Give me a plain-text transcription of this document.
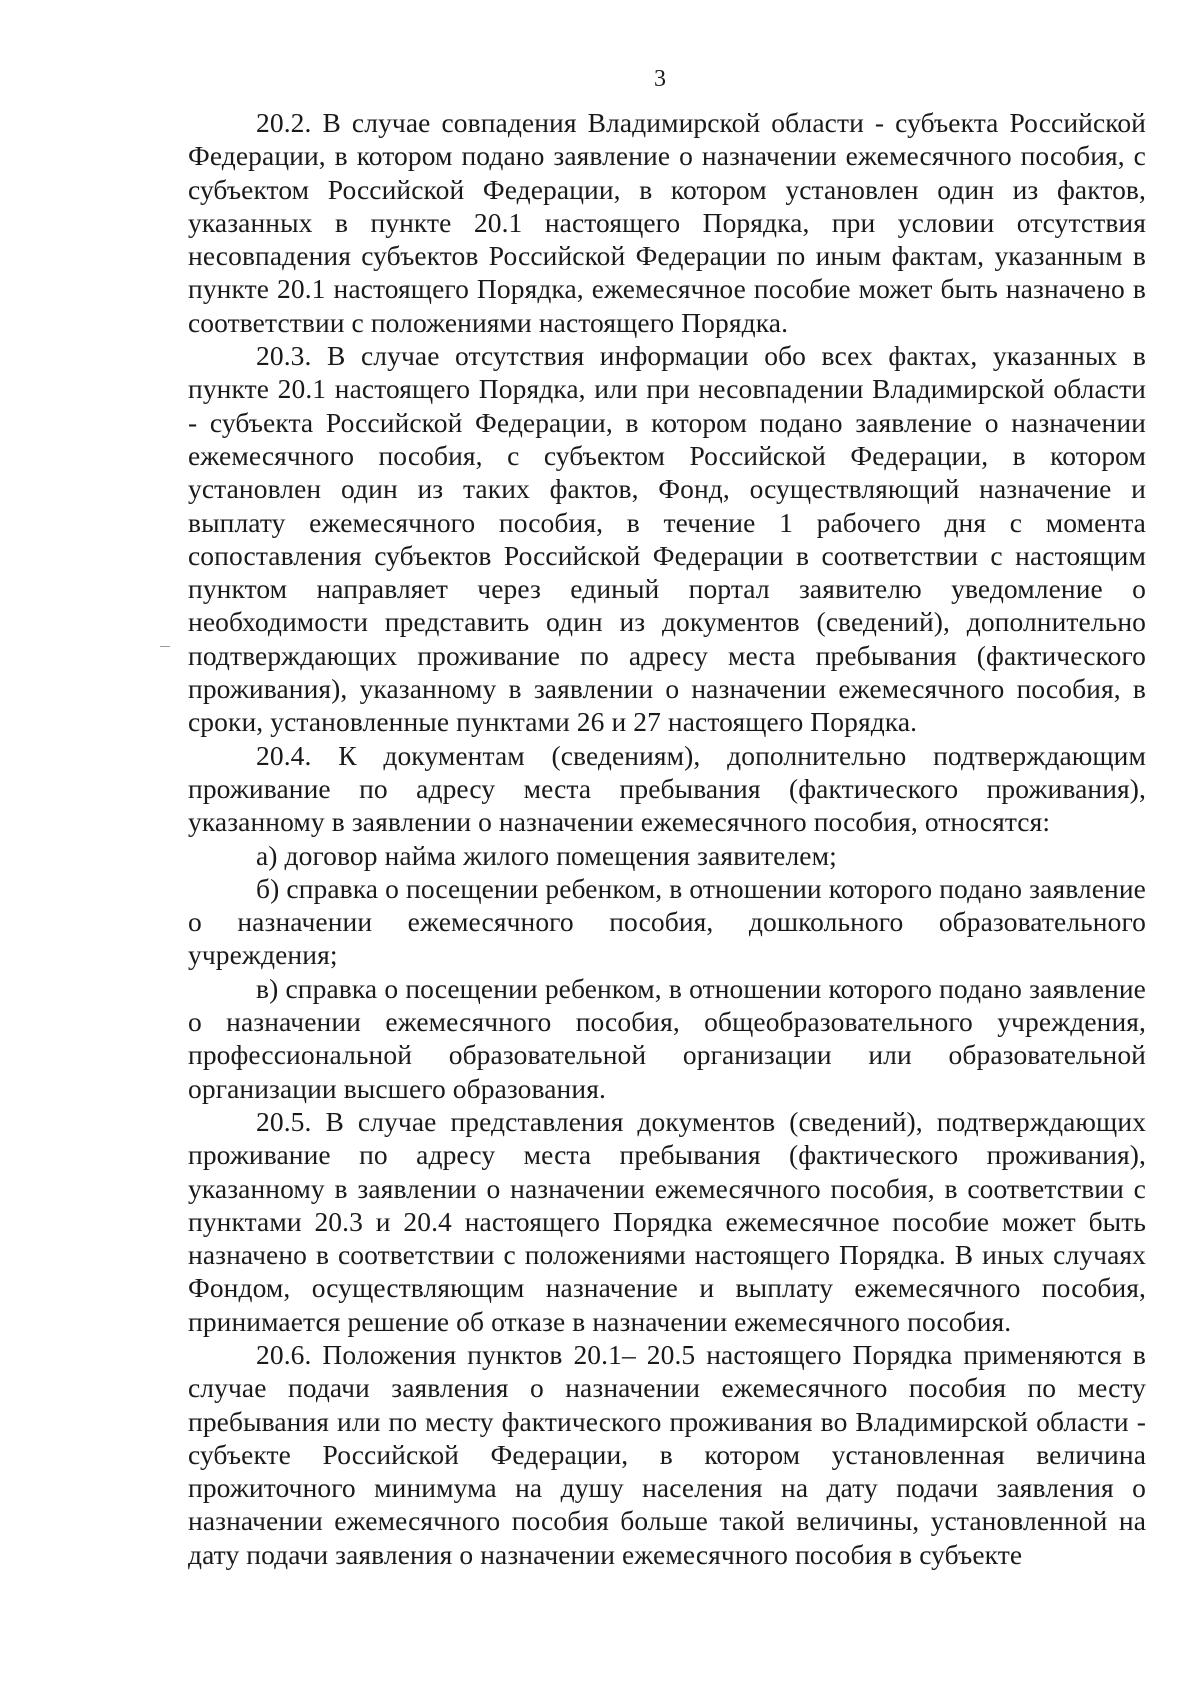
3

20.2. В случае совпадения Владимирской области - субъекта Российской Федерации, в котором подано заявление о назначении ежемесячного пособия, с субъектом Российской Федерации, в котором установлен один из фактов, указанных в пункте 20.1 настоящего Порядка, при условии отсутствия несовпадения субъектов Российской Федерации по иным фактам, указанным в пункте 20.1 настоящего Порядка, ежемесячное пособие может быть назначено в соответствии с положениями настоящего Порядка.

20.3. В случае отсутствия информации обо всех фактах, указанных в пункте 20.1 настоящего Порядка, или при несовпадении Владимирской области - субъекта Российской Федерации, в котором подано заявление о назначении ежемесячного пособия, с субъектом Российской Федерации, в котором установлен один из таких фактов, Фонд, осуществляющий назначение и выплату ежемесячного пособия, в течение 1 рабочего дня с момента сопоставления субъектов Российской Федерации в соответствии с настоящим пунктом направляет через единый портал заявителю уведомление о необходимости представить один из документов (сведений), дополнительно подтверждающих проживание по адресу места пребывания (фактического проживания), указанному в заявлении о назначении ежемесячного пособия, в сроки, установленные пунктами 26 и 27 настоящего Порядка.

20.4. К документам (сведениям), дополнительно подтверждающим проживание по адресу места пребывания (фактического проживания), указанному в заявлении о назначении ежемесячного пособия, относятся:

а) договор найма жилого помещения заявителем;

б) справка о посещении ребенком, в отношении которого подано заявление о назначении ежемесячного пособия, дошкольного образовательного учреждения;

в) справка о посещении ребенком, в отношении которого подано заявление о назначении ежемесячного пособия, общеобразовательного учреждения, профессиональной образовательной организации или образовательной организации высшего образования.

20.5. В случае представления документов (сведений), подтверждающих проживание по адресу места пребывания (фактического проживания), указанному в заявлении о назначении ежемесячного пособия, в соответствии с пунктами 20.3 и 20.4 настоящего Порядка ежемесячное пособие может быть назначено в соответствии с положениями настоящего Порядка. В иных случаях Фондом, осуществляющим назначение и выплату ежемесячного пособия, принимается решение об отказе в назначении ежемесячного пособия.

20.6. Положения пунктов 20.1– 20.5 настоящего Порядка применяются в случае подачи заявления о назначении ежемесячного пособия по месту пребывания или по месту фактического проживания во Владимирской области - субъекте Российской Федерации, в котором установленная величина прожиточного минимума на душу населения на дату подачи заявления о назначении ежемесячного пособия больше такой величины, установленной на дату подачи заявления о назначении ежемесячного пособия в субъекте
